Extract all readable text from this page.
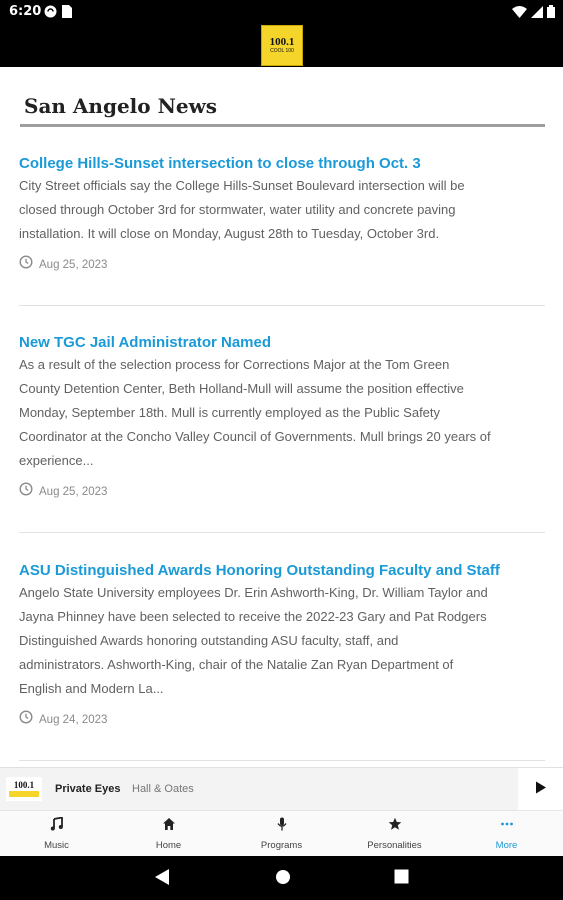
6:20
100.1
COOL 100
San Angelo News
College Hills-Sunset intersection to close through Oct. 3
City Street officials say the College Hills-Sunset Boulevard intersection will be
closed through October 3rd for stormwater, water utility and concrete paving
installation. It will close on Monday, August 28th to Tuesday, October 3rd.
Aug 25, 2023
New TGC Jail Administrator Named
As a result of the selection process for Corrections Major at the Tom Green
County Detention Center, Beth Holland-Mull will assume the position effective
Monday, September 18th. Mull is currently employed as the Public Safety
Coordinator at the Concho Valley Council of Governments. Mull brings 20 years of
experience...
Aug 25, 2023
ASU Distinguished Awards Honoring Outstanding Faculty and Staff
Angelo State University employees Dr. Erin Ashworth-King, Dr. William Taylor and
Jayna Phinney have been selected to receive the 2022-23 Gary and Pat Rodgers
Distinguished Awards honoring outstanding ASU faculty, staff, and
administrators. Ashworth-King, chair of the Natalie Zan Ryan Department of
English and Modern La...
Aug 24, 2023
100.1 Private Eyes Hall & Oates
Music	Home	Programs	Personalities	More
